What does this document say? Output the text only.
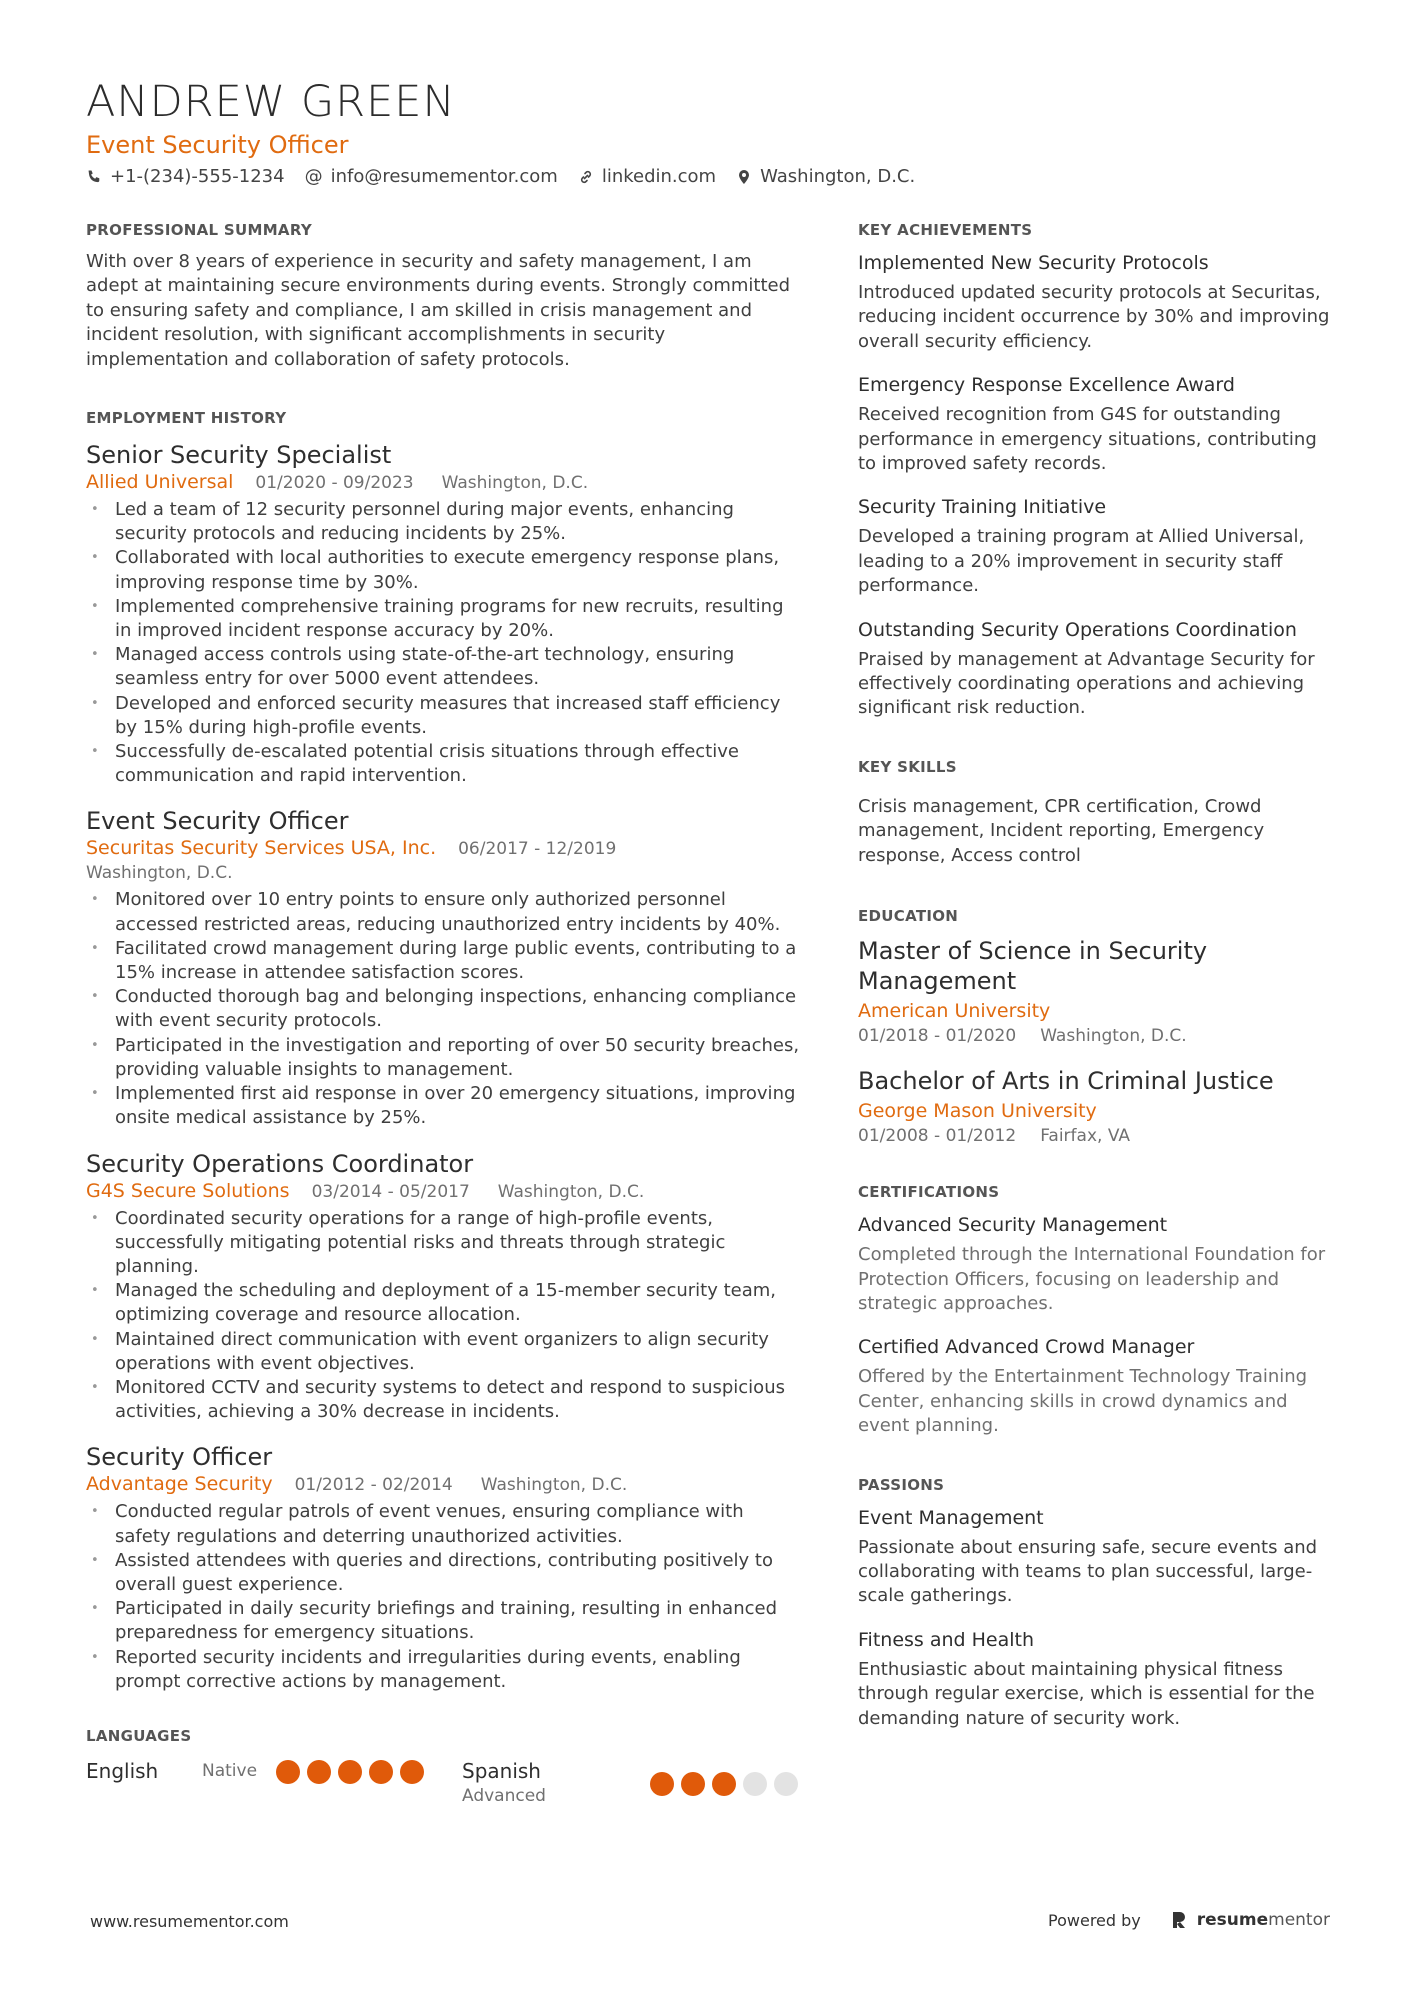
ANDREW GREEN
Event Security Officer
+1-(234)-555-1234 @ info@resumementor.com linkedin.com Washington, D.C.
PROFESSIONAL SUMMARY
With over 8 years of experience in security and safety management, I am adept at maintaining secure environments during events. Strongly committed to ensuring safety and compliance, I am skilled in crisis management and incident resolution, with significant accomplishments in security implementation and collaboration of safety protocols.
EMPLOYMENT HISTORY
Senior Security Specialist
Allied Universal 01/2020 - 09/2023 Washington, D.C.
• Led a team of 12 security personnel during major events, enhancing security protocols and reducing incidents by 25%.
• Collaborated with local authorities to execute emergency response plans, improving response time by 30%.
• Implemented comprehensive training programs for new recruits, resulting in improved incident response accuracy by 20%.
• Managed access controls using state-of-the-art technology, ensuring seamless entry for over 5000 event attendees.
• Developed and enforced security measures that increased staff efficiency by 15% during high-profile events.
• Successfully de-escalated potential crisis situations through effective communication and rapid intervention.
Event Security Officer
Securitas Security Services USA, Inc. 06/2017 - 12/2019
Washington, D.C.
• Monitored over 10 entry points to ensure only authorized personnel accessed restricted areas, reducing unauthorized entry incidents by 40%.
• Facilitated crowd management during large public events, contributing to a 15% increase in attendee satisfaction scores.
• Conducted thorough bag and belonging inspections, enhancing compliance with event security protocols.
• Participated in the investigation and reporting of over 50 security breaches, providing valuable insights to management.
• Implemented first aid response in over 20 emergency situations, improving onsite medical assistance by 25%.
Security Operations Coordinator
G4S Secure Solutions 03/2014 - 05/2017 Washington, D.C.
• Coordinated security operations for a range of high-profile events, successfully mitigating potential risks and threats through strategic planning.
• Managed the scheduling and deployment of a 15-member security team, optimizing coverage and resource allocation.
• Maintained direct communication with event organizers to align security operations with event objectives.
• Monitored CCTV and security systems to detect and respond to suspicious activities, achieving a 30% decrease in incidents.
Security Officer
Advantage Security 01/2012 - 02/2014 Washington, D.C.
• Conducted regular patrols of event venues, ensuring compliance with safety regulations and deterring unauthorized activities.
• Assisted attendees with queries and directions, contributing positively to overall guest experience.
• Participated in daily security briefings and training, resulting in enhanced preparedness for emergency situations.
• Reported security incidents and irregularities during events, enabling prompt corrective actions by management.
LANGUAGES
English	Native	Spanish
Advanced
KEY ACHIEVEMENTS
Implemented New Security Protocols
Introduced updated security protocols at Securitas, reducing incident occurrence by 30% and improving overall security efficiency.
Emergency Response Excellence Award
Received recognition from G4S for outstanding performance in emergency situations, contributing to improved safety records.
Security Training Initiative
Developed a training program at Allied Universal, leading to a 20% improvement in security staff performance.
Outstanding Security Operations Coordination
Praised by management at Advantage Security for effectively coordinating operations and achieving significant risk reduction.
KEY SKILLS
Crisis management, CPR certification, Crowd management, Incident reporting, Emergency response, Access control
EDUCATION
Master of Science in Security Management
American University
01/2018 - 01/2020 Washington, D.C.
Bachelor of Arts in Criminal Justice
George Mason University
01/2008 - 01/2012 Fairfax, VA
CERTIFICATIONS
Advanced Security Management
Completed through the International Foundation for Protection Officers, focusing on leadership and strategic approaches.
Certified Advanced Crowd Manager
Offered by the Entertainment Technology Training Center, enhancing skills in crowd dynamics and event planning.
PASSIONS
Event Management
Passionate about ensuring safe, secure events and collaborating with teams to plan successful, large-scale gatherings.
Fitness and Health
Enthusiastic about maintaining physical fitness through regular exercise, which is essential for the demanding nature of security work.
www.resumementor.com	Powered by	resumementor
